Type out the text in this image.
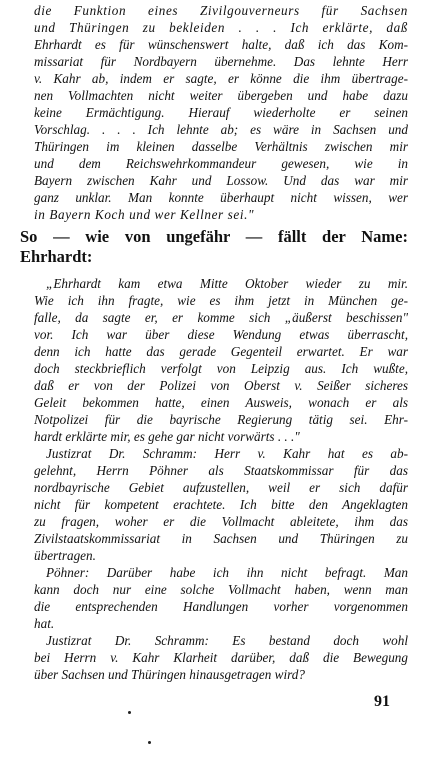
die Funktion eines Zivilgouverneurs für Sachsen
und Thüringen zu bekleiden . . . Ich erklärte, daß
Ehrhardt es für wünschenswert halte, daß ich das Kom-
missariat für Nordbayern übernehme. Das lehnte Herr
v. Kahr ab, indem er sagte, er könne die ihm übertrage-
nen Vollmachten nicht weiter übergeben und habe dazu
keine Ermächtigung. Hierauf wiederholte er seinen
Vorschlag. . . . Ich lehnte ab; es wäre in Sachsen und
Thüringen im kleinen dasselbe Verhältnis zwischen mir
und dem Reichswehrkommandeur gewesen, wie in
Bayern zwischen Kahr und Lossow. Und das war mir
ganz unklar. Man konnte überhaupt nicht wissen, wer
in Bayern Koch und wer Kellner sei."
So — wie von ungefähr — fällt der Name:
Ehrhardt:
„Ehrhardt kam etwa Mitte Oktober wieder zu mir.
Wie ich ihn fragte, wie es ihm jetzt in München ge-
falle, da sagte er, er komme sich „äußerst beschissen"
vor. Ich war über diese Wendung etwas überrascht,
denn ich hatte das gerade Gegenteil erwartet. Er war
doch steckbrieflich verfolgt von Leipzig aus. Ich wußte,
daß er von der Polizei von Oberst v. Seißer sicheres
Geleit bekommen hatte, einen Ausweis, wonach er als
Notpolizei für die bayrische Regierung tätig sei. Ehr-
hardt erklärte mir, es gehe gar nicht vorwärts . . ."
Justizrat Dr. Schramm: Herr v. Kahr hat es ab-
gelehnt, Herrn Pöhner als Staatskommissar für das
nordbayrische Gebiet aufzustellen, weil er sich dafür
nicht für kompetent erachtete. Ich bitte den Angeklagten
zu fragen, woher er die Vollmacht ableitete, ihm das
Zivilstaatskommissariat in Sachsen und Thüringen zu
übertragen.
Pöhner: Darüber habe ich ihn nicht befragt. Man
kann doch nur eine solche Vollmacht haben, wenn man
die entsprechenden Handlungen vorher vorgenommen
hat.
Justizrat Dr. Schramm: Es bestand doch wohl
bei Herrn v. Kahr Klarheit darüber, daß die Bewegung
über Sachsen und Thüringen hinausgetragen wird?
91
